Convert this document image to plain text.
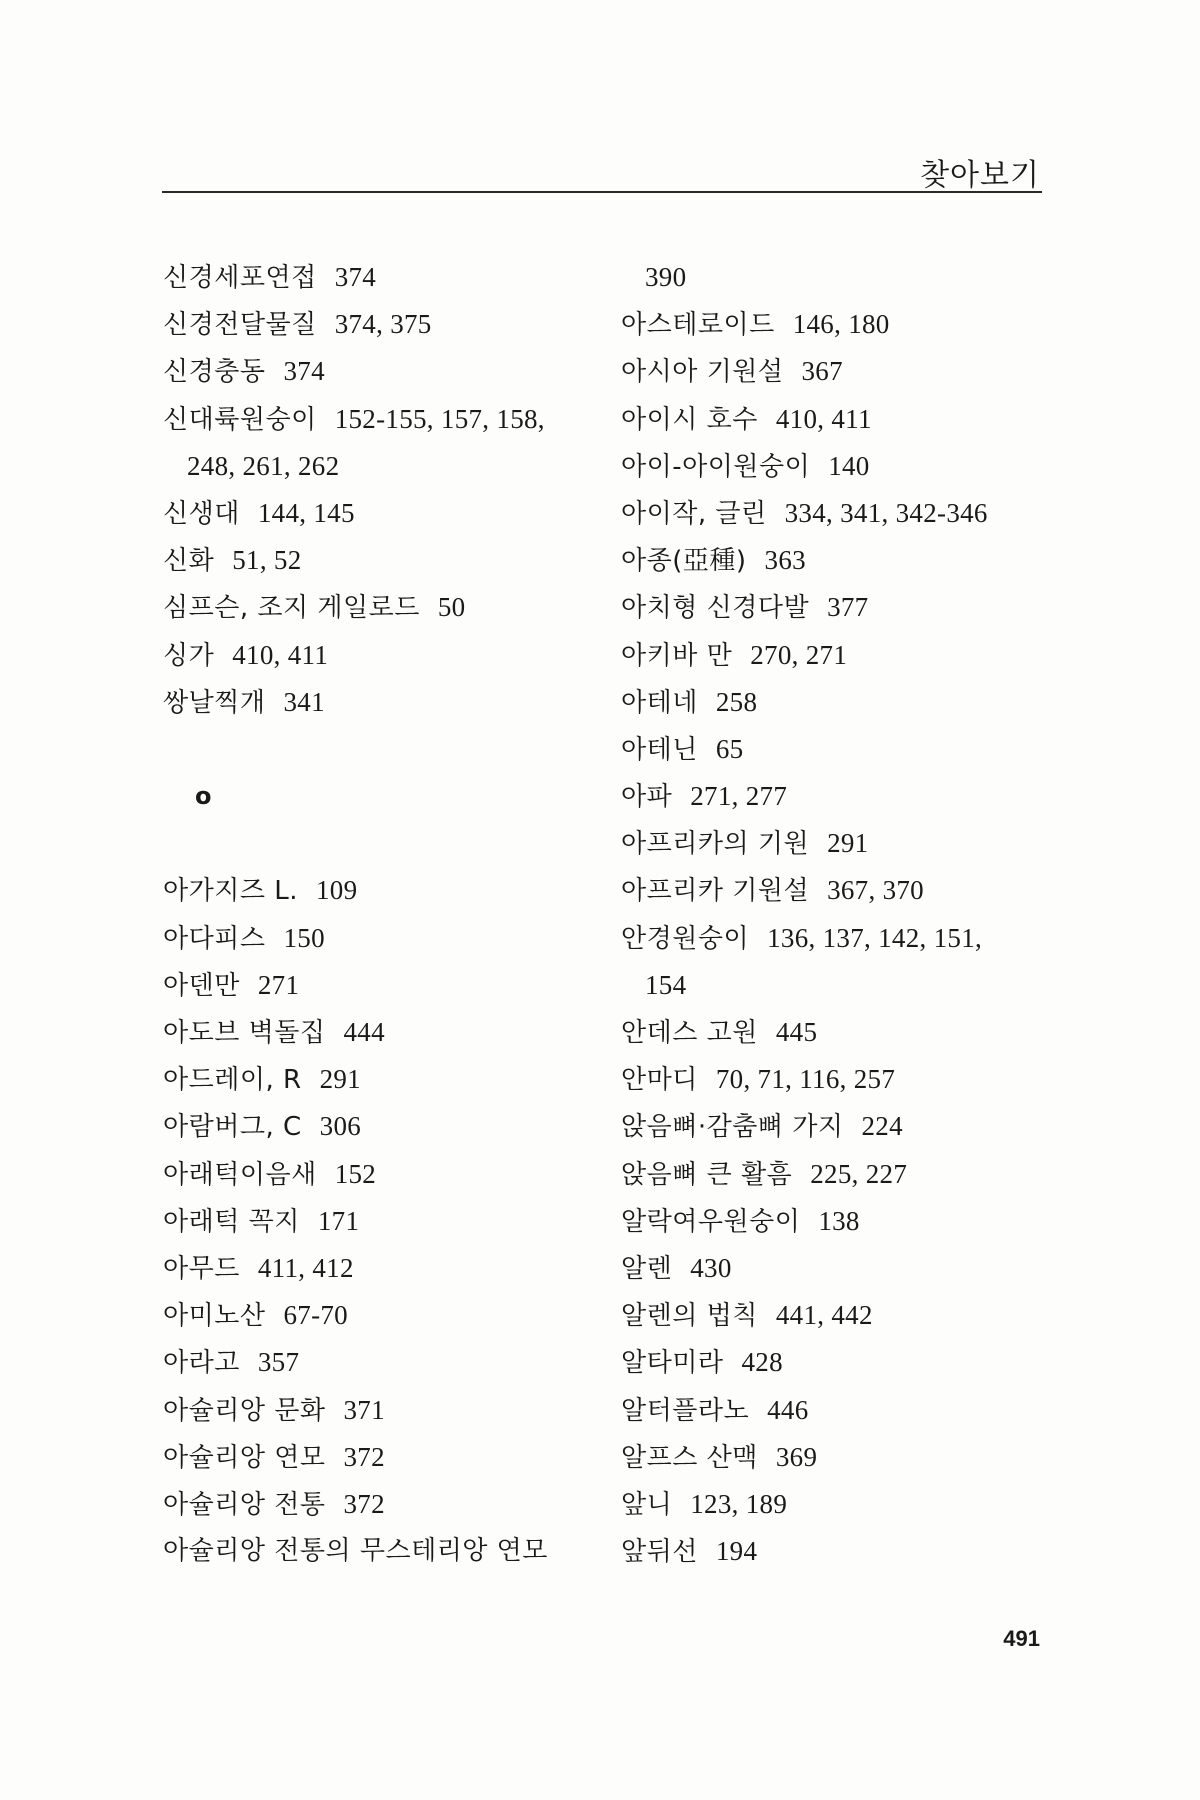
찾아보기
신경세포연접 374
신경전달물질 374, 375
신경충동 374
신대륙원숭이 152-155, 157, 158,
248, 261, 262
신생대 144, 145
신화 51, 52
심프슨, 조지 게일로드 50
싱가 410, 411
쌍날찍개 341
o
아가지즈 L. 109
아다피스 150
아덴만 271
아도브 벽돌집 444
아드레이, R 291
아람버그, C 306
아래턱이음새 152
아래턱 꼭지 171
아무드 411, 412
아미노산 67-70
아라고 357
아슐리앙 문화 371
아슐리앙 연모 372
아슐리앙 전통 372
아슐리앙 전통의 무스테리앙 연모
390
아스테로이드 146, 180
아시아 기원설 367
아이시 호수 410, 411
아이-아이원숭이 140
아이작, 글린 334, 341, 342-346
아종(亞種) 363
아치형 신경다발 377
아키바 만 270, 271
아테네 258
아테닌 65
아파 271, 277
아프리카의 기원 291
아프리카 기원설 367, 370
안경원숭이 136, 137, 142, 151,
154
안데스 고원 445
안마디 70, 71, 116, 257
앉음뼈·감춤뼈 가지 224
앉음뼈 큰 활흠 225, 227
알락여우원숭이 138
알렌 430
알렌의 법칙 441, 442
알타미라 428
알터플라노 446
알프스 산맥 369
앞니 123, 189
앞뒤선 194
491
